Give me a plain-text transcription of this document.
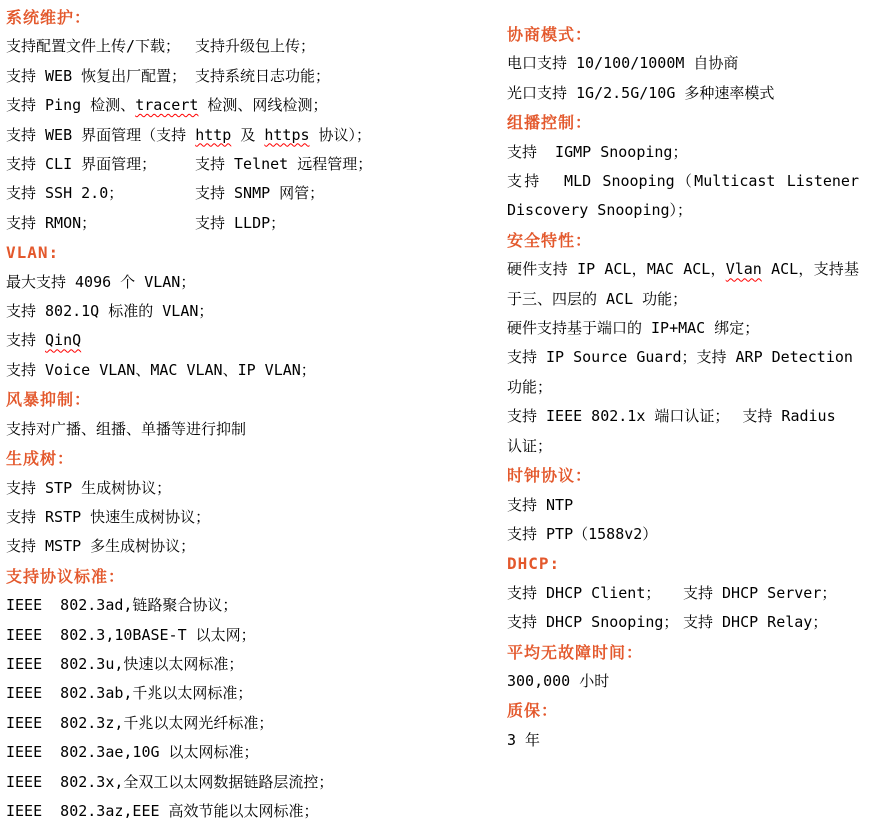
系统维护：
支持配置文件上传/下载； 支持升级包上传；
支持 WEB 恢复出厂配置； 支持系统日志功能；
支持 Ping 检测、tracert 检测、网线检测；
支持 WEB 界面管理（支持 http 及 https 协议）；
支持 CLI 界面管理；	支持 Telnet 远程管理；
支持 SSH 2.0；	支持 SNMP 网管；
支持 RMON；	支持 LLDP；
VLAN:
最大支持 4096 个 VLAN；
支持 802.1Q 标准的 VLAN；
支持 QinQ
支持 Voice VLAN、MAC VLAN、IP VLAN；
风暴抑制：
支持对广播、组播、单播等进行抑制
生成树：
支持 STP 生成树协议；
支持 RSTP 快速生成树协议；
支持 MSTP 多生成树协议；
支持协议标准：
IEEE  802.3ad,链路聚合协议；
IEEE  802.3,10BASE-T 以太网；
IEEE  802.3u,快速以太网标准；
IEEE  802.3ab,千兆以太网标准；
IEEE  802.3z,千兆以太网光纤标准；
IEEE  802.3ae,10G 以太网标准；
IEEE  802.3x,全双工以太网数据链路层流控；
IEEE  802.3az,EEE 高效节能以太网标准；
协商模式：
电口支持 10/100/1000M 自协商
光口支持 1G/2.5G/10G 多种速率模式
组播控制：
支持  IGMP Snooping；
支持  MLD Snooping（Multicast Listener Discovery Snooping）；
安全特性：
硬件支持 IP ACL，MAC ACL，Vlan ACL，支持基于三、四层的 ACL 功能；
硬件支持基于端口的 IP+MAC 绑定；
支持 IP Source Guard；支持 ARP Detection 功能；
支持 IEEE 802.1x 端口认证； 支持 Radius 认证；
时钟协议：
支持 NTP
支持 PTP（1588v2）
DHCP:
支持 DHCP Client； 支持 DHCP Server；
支持 DHCP Snooping； 支持 DHCP Relay；
平均无故障时间：
300,000 小时
质保：
3 年
